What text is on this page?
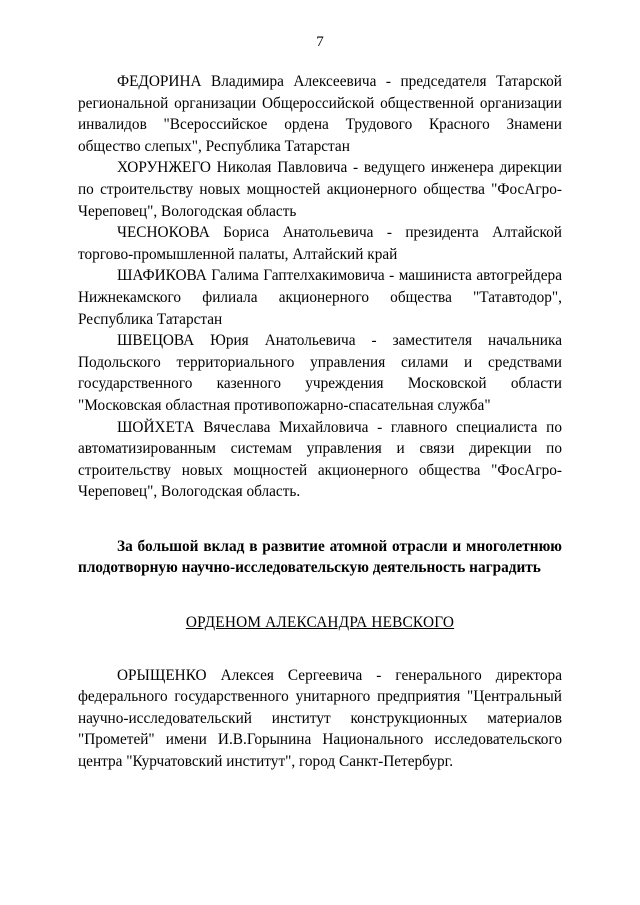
7

ФЕДОРИНА Владимира Алексеевича - председателя Татарской региональной организации Общероссийской общественной организации инвалидов "Всероссийское ордена Трудового Красного Знамени общество слепых", Республика Татарстан

ХОРУНЖЕГО Николая Павловича - ведущего инженера дирекции по строительству новых мощностей акционерного общества "ФосАгро-Череповец", Вологодская область

ЧЕСНОКОВА Бориса Анатольевича - президента Алтайской торгово-промышленной палаты, Алтайский край

ШАФИКОВА Галима Гаптелхакимовича - машиниста автогрейдера Нижнекамского филиала акционерного общества "Татавтодор", Республика Татарстан

ШВЕЦОВА Юрия Анатольевича - заместителя начальника Подольского территориального управления силами и средствами государственного казенного учреждения Московской области "Московская областная противопожарно-спасательная служба"

ШОЙХЕТА Вячеслава Михайловича - главного специалиста по автоматизированным системам управления и связи дирекции по строительству новых мощностей акционерного общества "ФосАгро-Череповец", Вологодская область.

За большой вклад в развитие атомной отрасли и многолетнюю плодотворную научно-исследовательскую деятельность наградить

ОРДЕНОМ АЛЕКСАНДРА НЕВСКОГО

ОРЫЩЕНКО Алексея Сергеевича - генерального директора федерального государственного унитарного предприятия "Центральный научно-исследовательский институт конструкционных материалов "Прометей" имени И.В.Горынина Национального исследовательского центра "Курчатовский институт", город Санкт-Петербург.
